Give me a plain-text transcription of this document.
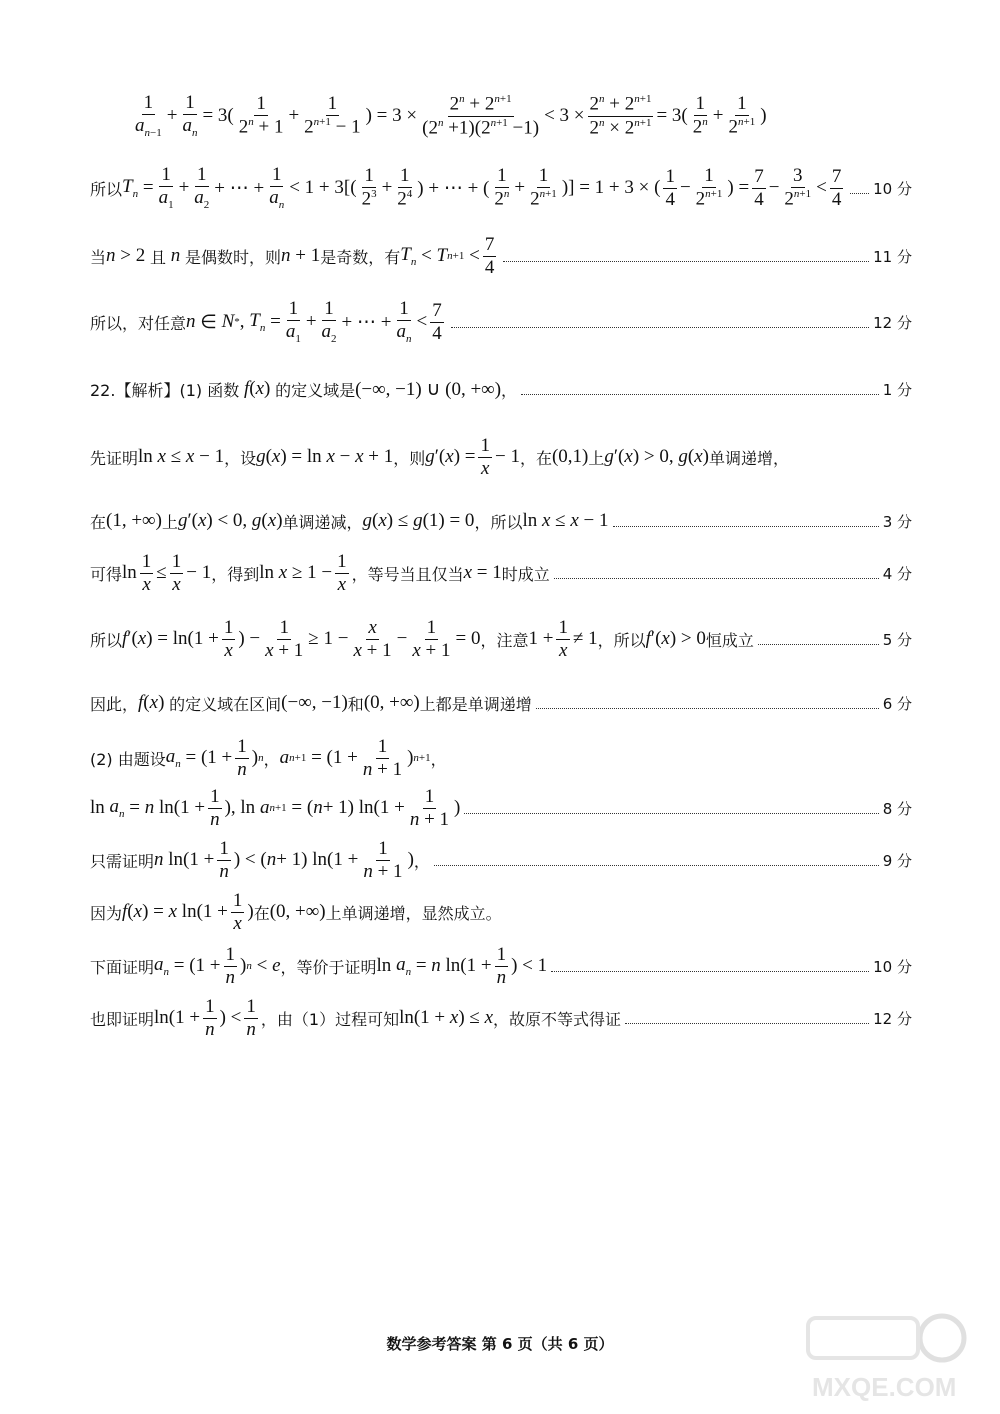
$\frac{1}{a_{n-1}} + \frac{1}{a_n} = 3( \frac{1}{2^n + 1} + \frac{1}{2^{n+1} - 1}$ ) = $3 \times \frac{2^n + 2^{n+1}}{(2^n +1)(2^{n+1} -1)} < 3 \times \frac{2^n + 2^{n+1}}{2^n \times 2^{n+1}} = 3( \frac{1}{2^n} + \frac{1}{2^{n+1}}$ )
所以 $T_n = \frac{1}{a_1} + \frac{1}{a_2}$ + ⋯ + $\frac{1}{a_n} < 1 + 3[( \frac{1}{2^3} + \frac{1}{2^4}$ ) + ⋯ + ( $\frac{1}{2^n} + \frac{1}{2^{n+1}}$ )] = 1 + 3 × ( $\frac{1}{4} - \frac{1}{2^{n+1}}$ ) = $\frac{7}{4} - \frac{3}{2^{n+1}} < \frac{7}{4} 10$ 分
当 n > 2 且 n 是偶数时，则 n + 1 是奇数，有 $T_n < T$ $n+1 < \frac{7}{4}$	11 分
所以，对任意 n ∈ N * , $T_n = \frac{1}{a_1} + \frac{1}{a_2}$ + ⋯ + $\frac{1}{a_n} < \frac{7}{4}$	12 分
22.【解析】(1) 函数
f ( x ) 的定义域是 (−∞, −1) ∪ (0, +∞) ，	1 分
先证明 ln x ≤ x − 1 ，设 g ( x ) = ln x − x + 1 ，则 g ′( x ) = $\frac{1}{x} - 1$ ，在 (0,1) 上 g ′( x ) > 0, g ( x ) 单调递增，
在 (1, +∞) 上 g ′( x ) < 0, g ( x ) 单调递减， g ( x ) ≤ g (1) = 0 ，所以 ln x ≤ x − 1	3 分
可得 $\ln \frac{1}{x} \le \frac{1}{x} - 1$ ，得到 $\ln x \ge 1 - \frac{1}{x}$ ，等号当且仅当 x = 1 时成立	4 分
所以 f ′( x ) = $\ln(1 + \frac{1}{x}$ ) − $\frac{1}{x + 1} \ge 1 - \frac{x}{x + 1} - \frac{1}{x + 1} = 0$ ，注意 $1 + \frac{1}{x} \ne 1$ ，所以 f ′( x ) > 0 恒成立	5 分
因此， f ( x ) 的定义域在区间 (−∞, −1) 和 (0, +∞) 上都是单调递增	6 分
(2) 由题设 $a_n = (1 + \frac{1}{n}$ ) n ， a $n+1 = (1 + \frac{1}{n + 1}$ ) n+1 ，
$\ln a_n = n$ $\ln(1 + \frac{1}{n}$ ), ln a n+1 = ( n + 1) $\ln(1 + \frac{1}{n + 1}$ )	8 分
只需证明 n $\ln(1 + \frac{1}{n}$ ) < ( n + 1) $\ln(1 + \frac{1}{n + 1}$ ) ，	9 分
因为 f ( x ) = x $\ln(1 + \frac{1}{x}$ ) 在 (0, +∞) 上单调递增，显然成立。
下面证明 $a_n = (1 + \frac{1}{n}$ ) n < e ，等价于证明 $\ln a_n = n$ $\ln(1 + \frac{1}{n}$ ) < 1	10 分
也即证明 $\ln(1 + \frac{1}{n}$ ) < $\frac{1}{n}$ ，由（1）过程可知 ln(1 + x ) ≤ x ，故原不等式得证	12 分
数学参考答案 第 6 页（共 6 页）
MXQE.COM
